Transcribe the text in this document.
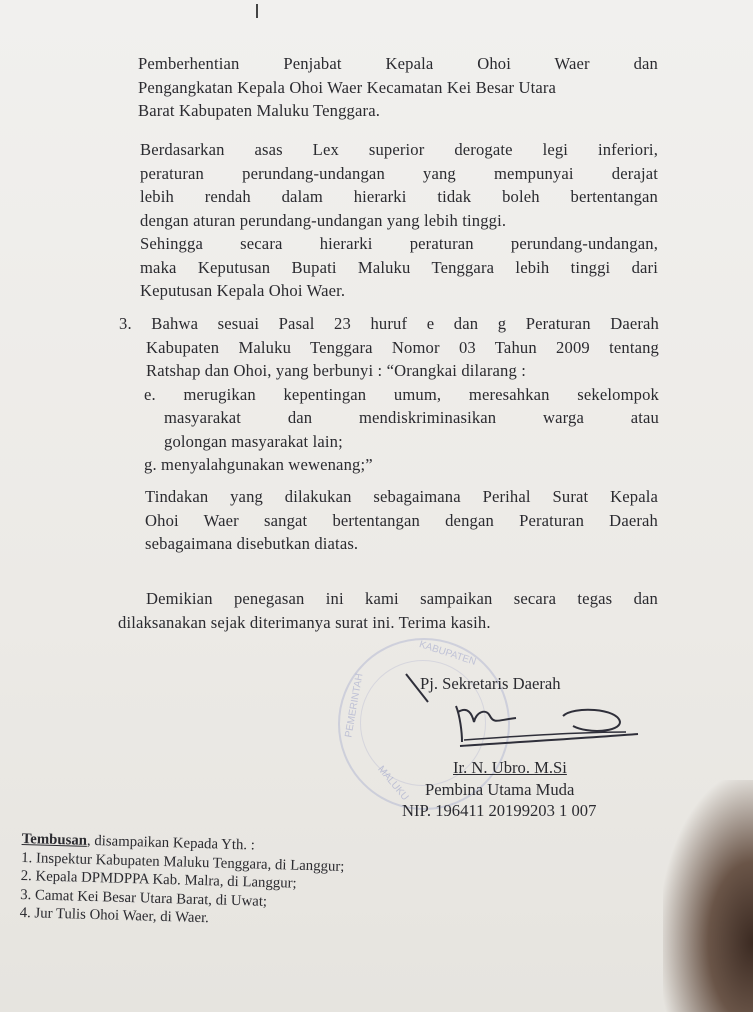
Pemberhentian Penjabat Kepala Ohoi Waer dan
Pengangkatan Kepala Ohoi Waer Kecamatan Kei Besar Utara
Barat Kabupaten Maluku Tenggara.
Berdasarkan asas Lex superior derogate legi inferiori,
peraturan perundang-undangan yang mempunyai derajat
lebih rendah dalam hierarki tidak boleh bertentangan
dengan aturan perundang-undangan yang lebih tinggi.
Sehingga secara hierarki peraturan perundang-undangan,
maka Keputusan Bupati Maluku Tenggara lebih tinggi dari
Keputusan Kepala Ohoi Waer.
3. Bahwa sesuai Pasal 23 huruf e dan g Peraturan Daerah
Kabupaten Maluku Tenggara Nomor 03 Tahun 2009 tentang
Ratshap dan Ohoi, yang berbunyi : “Orangkai dilarang :
e. merugikan kepentingan umum, meresahkan sekelompok
masyarakat dan mendiskriminasikan warga atau
golongan masyarakat lain;
g. menyalahgunakan wewenang;”
Tindakan yang dilakukan sebagaimana Perihal Surat Kepala
Ohoi Waer sangat bertentangan dengan Peraturan Daerah
sebagaimana disebutkan diatas.
Demikian penegasan ini kami sampaikan secara tegas dan
dilaksanakan sejak diterimanya surat ini. Terima kasih.
KABUPATEN
PEMERINTAH
MALUKU
Pj. Sekretaris Daerah
Ir. N. Ubro. M.Si
Pembina Utama Muda
NIP. 196411 20199203 1 007
Tembusan, disampaikan Kepada Yth. :
1. Inspektur Kabupaten Maluku Tenggara, di Langgur;
2. Kepala DPMDPPA Kab. Malra, di Langgur;
3. Camat Kei Besar Utara Barat, di Uwat;
4. Jur Tulis Ohoi Waer, di Waer.
